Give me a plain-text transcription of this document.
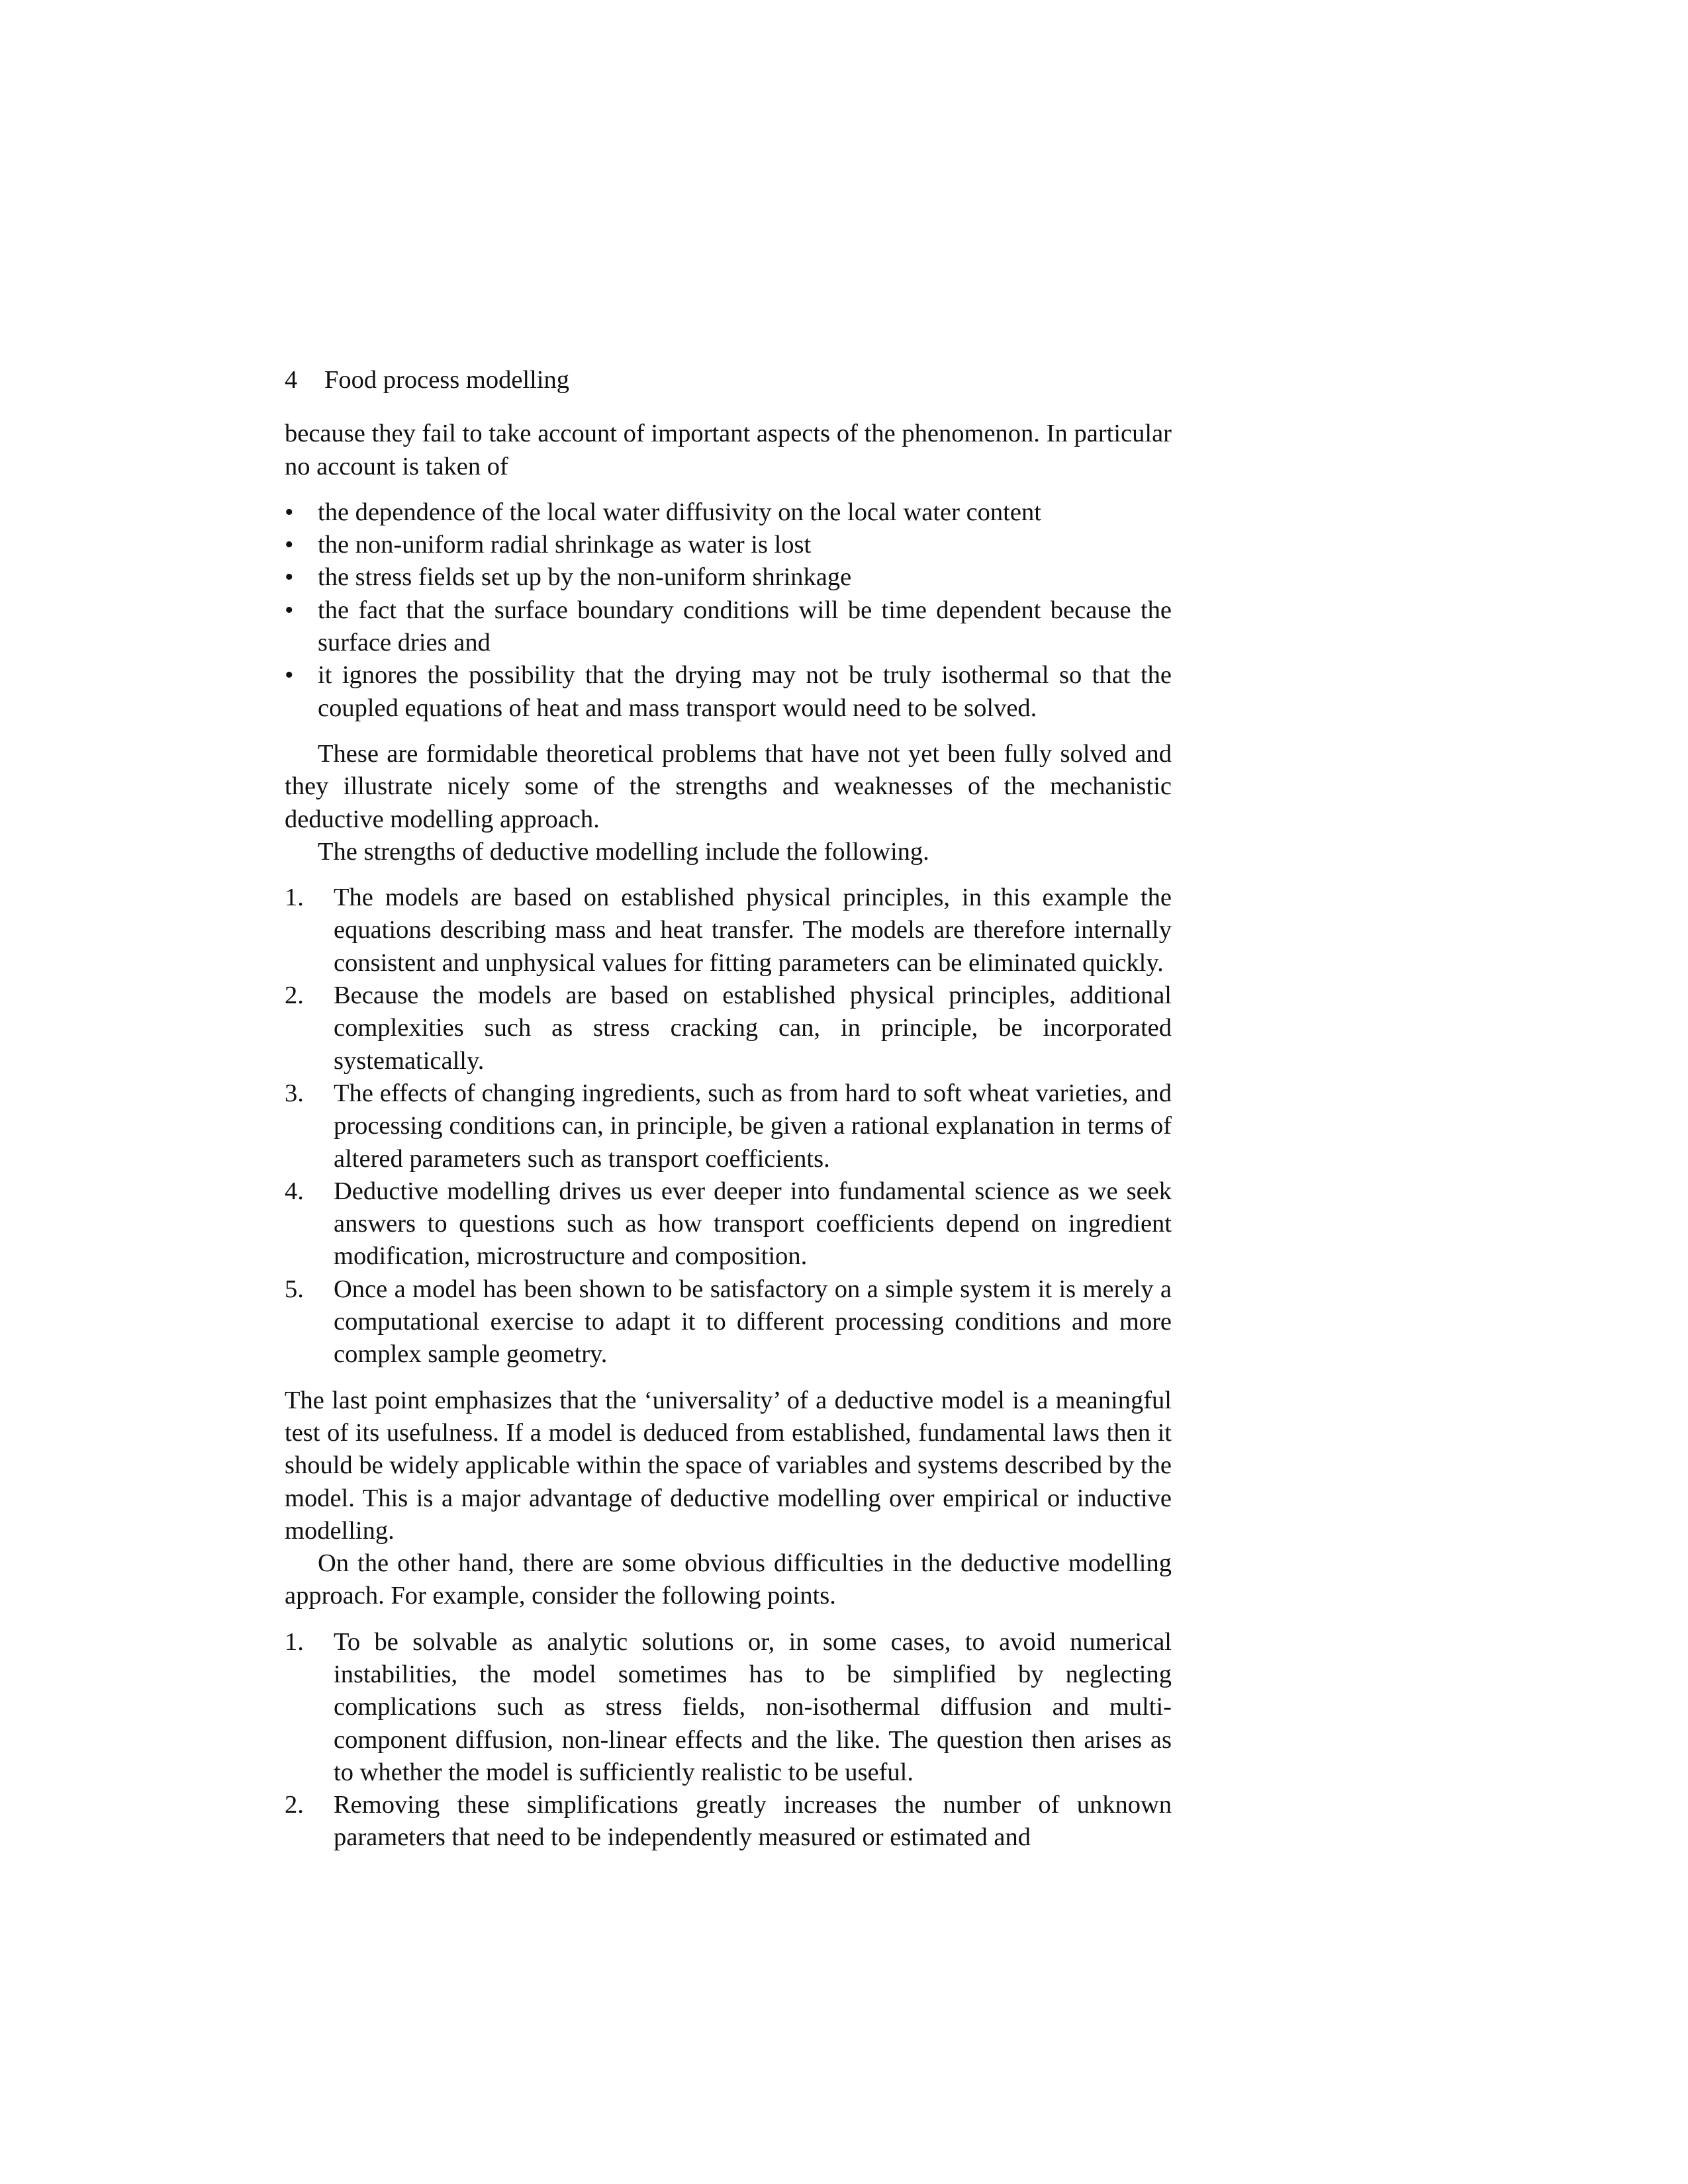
4	Food process modelling

because they fail to take account of important aspects of the phenomenon. In particular no account is taken of

• the dependence of the local water diffusivity on the local water content
• the non-uniform radial shrinkage as water is lost
• the stress fields set up by the non-uniform shrinkage
• the fact that the surface boundary conditions will be time dependent because the surface dries and
• it ignores the possibility that the drying may not be truly isothermal so that the coupled equations of heat and mass transport would need to be solved.

These are formidable theoretical problems that have not yet been fully solved and they illustrate nicely some of the strengths and weaknesses of the mechanistic deductive modelling approach.

The strengths of deductive modelling include the following.

1.	The models are based on established physical principles, in this example the equations describing mass and heat transfer. The models are therefore internally consistent and unphysical values for fitting parameters can be eliminated quickly.
2.	Because the models are based on established physical principles, additional complexities such as stress cracking can, in principle, be incorporated systematically.
3.	The effects of changing ingredients, such as from hard to soft wheat varieties, and processing conditions can, in principle, be given a rational explanation in terms of altered parameters such as transport coefficients.
4.	Deductive modelling drives us ever deeper into fundamental science as we seek answers to questions such as how transport coefficients depend on ingredient modification, microstructure and composition.
5.	Once a model has been shown to be satisfactory on a simple system it is merely a computational exercise to adapt it to different processing conditions and more complex sample geometry.

The last point emphasizes that the ‘universality’ of a deductive model is a meaningful test of its usefulness. If a model is deduced from established, fundamental laws then it should be widely applicable within the space of variables and systems described by the model. This is a major advantage of deductive modelling over empirical or inductive modelling.

On the other hand, there are some obvious difficulties in the deductive modelling approach. For example, consider the following points.

1.	To be solvable as analytic solutions or, in some cases, to avoid numerical instabilities, the model sometimes has to be simplified by neglecting complications such as stress fields, non-isothermal diffusion and multi-component diffusion, non-linear effects and the like. The question then arises as to whether the model is sufficiently realistic to be useful.
2.	Removing these simplifications greatly increases the number of unknown parameters that need to be independently measured or estimated and
